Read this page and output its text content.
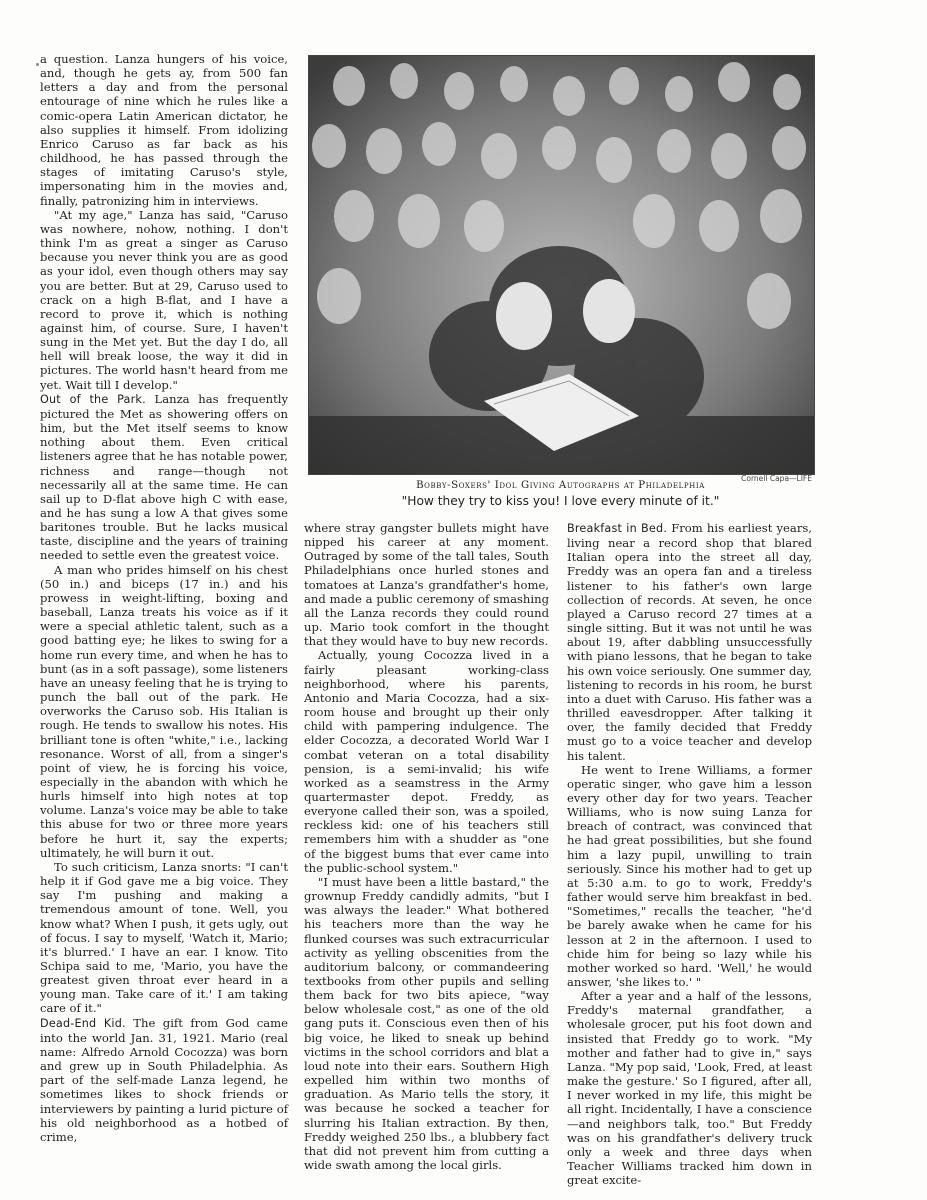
a question. Lanza hungers of his voice, and, though he gets ay, from 500 fan letters a day and from the personal entourage of nine which he rules like a comic-opera Latin American dictator, he also supplies it himself. From idolizing Enrico Caruso as far back as his childhood, he has passed through the stages of imitating Caruso's style, impersonating him in the movies and, finally, patronizing him in interviews.

"At my age," Lanza has said, "Caruso was nowhere, nohow, nothing. I don't think I'm as great a singer as Caruso because you never think you are as good as your idol, even though others may say you are better. But at 29, Caruso used to crack on a high B-flat, and I have a record to prove it, which is nothing against him, of course. Sure, I haven't sung in the Met yet. But the day I do, all hell will break loose, the way it did in pictures. The world hasn't heard from me yet. Wait till I develop."

Out of the Park. Lanza has frequently pictured the Met as showering offers on him, but the Met itself seems to know nothing about them. Even critical listeners agree that he has notable power, richness and range—though not necessarily all at the same time. He can sail up to D-flat above high C with ease, and he has sung a low A that gives some baritones trouble. But he lacks musical taste, discipline and the years of training needed to settle even the greatest voice.

A man who prides himself on his chest (50 in.) and biceps (17 in.) and his prowess in weight-lifting, boxing and baseball, Lanza treats his voice as if it were a special athletic talent, such as a good batting eye; he likes to swing for a home run every time, and when he has to bunt (as in a soft passage), some listeners have an uneasy feeling that he is trying to punch the ball out of the park. He overworks the Caruso sob. His Italian is rough. He tends to swallow his notes. His brilliant tone is often "white," i.e., lacking resonance. Worst of all, from a singer's point of view, he is forcing his voice, especially in the abandon with which he hurls himself into high notes at top volume. Lanza's voice may be able to take this abuse for two or three more years before he hurt it, say the experts; ultimately, he will burn it out.

To such criticism, Lanza snorts: "I can't help it if God gave me a big voice. They say I'm pushing and making a tremendous amount of tone. Well, you know what? When I push, it gets ugly, out of focus. I say to myself, 'Watch it, Mario; it's blurred.' I have an ear. I know. Tito Schipa said to me, 'Mario, you have the greatest given throat ever heard in a young man. Take care of it.' I am taking care of it."

Dead-End Kid. The gift from God came into the world Jan. 31, 1921. Mario (real name: Alfredo Arnold Cocozza) was born and grew up in South Philadelphia. As part of the self-made Lanza legend, he sometimes likes to shock friends or interviewers by painting a lurid picture of his old neighborhood as a hotbed of crime,

Cornell Capa—LIFE
Bobby-Soxers' Idol Giving Autographs at Philadelphia
"How they try to kiss you! I love every minute of it."

where stray gangster bullets might have nipped his career at any moment. Outraged by some of the tall tales, South Philadelphians once hurled stones and tomatoes at Lanza's grandfather's home, and made a public ceremony of smashing all the Lanza records they could round up. Mario took comfort in the thought that they would have to buy new records.

Actually, young Cocozza lived in a fairly pleasant working-class neighborhood, where his parents, Antonio and Maria Cocozza, had a six-room house and brought up their only child with pampering indulgence. The elder Cocozza, a decorated World War I combat veteran on a total disability pension, is a semi-invalid; his wife worked as a seamstress in the Army quartermaster depot. Freddy, as everyone called their son, was a spoiled, reckless kid: one of his teachers still remembers him with a shudder as "one of the biggest bums that ever came into the public-school system."

"I must have been a little bastard," the grownup Freddy candidly admits, "but I was always the leader." What bothered his teachers more than the way he flunked courses was such extracurricular activity as yelling obscenities from the auditorium balcony, or commandeering textbooks from other pupils and selling them back for two bits apiece, "way below wholesale cost," as one of the old gang puts it. Conscious even then of his big voice, he liked to sneak up behind victims in the school corridors and blat a loud note into their ears. Southern High expelled him within two months of graduation. As Mario tells the story, it was because he socked a teacher for slurring his Italian extraction. By then, Freddy weighed 250 lbs., a blubbery fact that did not prevent him from cutting a wide swath among the local girls.

Breakfast in Bed. From his earliest years, living near a record shop that blared Italian opera into the street all day, Freddy was an opera fan and a tireless listener to his father's own large collection of records. At seven, he once played a Caruso record 27 times at a single sitting. But it was not until he was about 19, after dabbling unsuccessfully with piano lessons, that he began to take his own voice seriously. One summer day, listening to records in his room, he burst into a duet with Caruso. His father was a thrilled eavesdropper. After talking it over, the family decided that Freddy must go to a voice teacher and develop his talent.

He went to Irene Williams, a former operatic singer, who gave him a lesson every other day for two years. Teacher Williams, who is now suing Lanza for breach of contract, was convinced that he had great possibilities, but she found him a lazy pupil, unwilling to train seriously. Since his mother had to get up at 5:30 a.m. to go to work, Freddy's father would serve him breakfast in bed. "Sometimes," recalls the teacher, "he'd be barely awake when he came for his lesson at 2 in the afternoon. I used to chide him for being so lazy while his mother worked so hard. 'Well,' he would answer, 'she likes to.' "

After a year and a half of the lessons, Freddy's maternal grandfather, a wholesale grocer, put his foot down and insisted that Freddy go to work. "My mother and father had to give in," says Lanza. "My pop said, 'Look, Fred, at least make the gesture.' So I figured, after all, I never worked in my life, this might be all right. Incidentally, I have a conscience—and neighbors talk, too." But Freddy was on his grandfather's delivery truck only a week and three days when Teacher Williams tracked him down in great excite-
